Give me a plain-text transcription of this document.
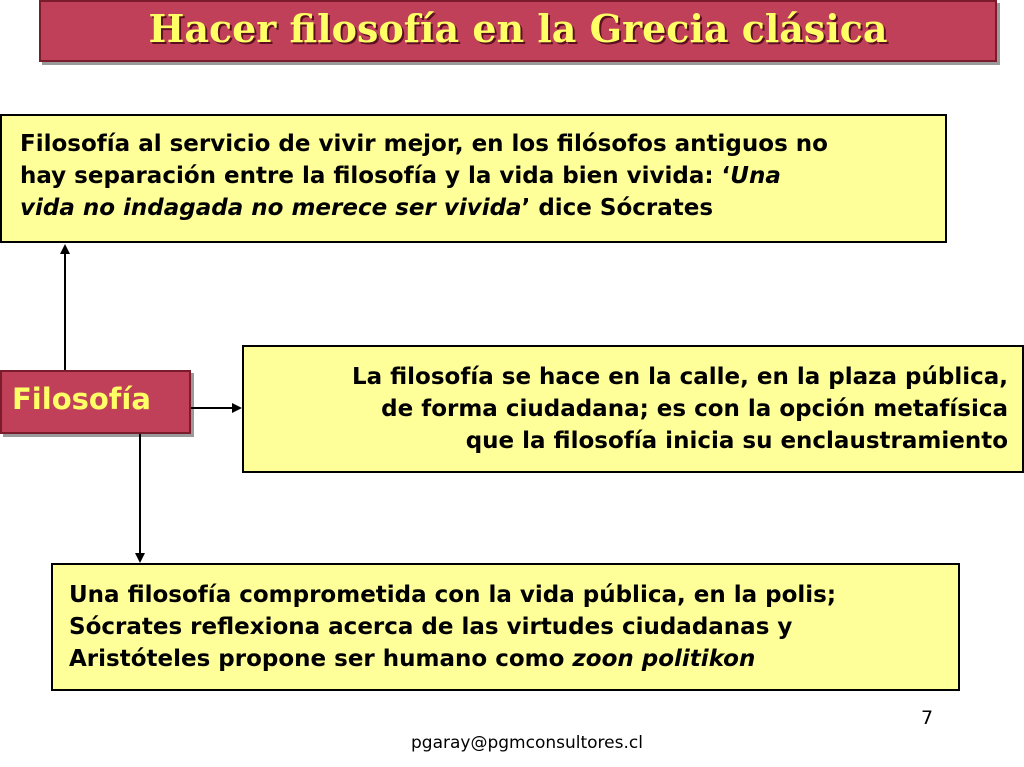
Hacer filosofía en la Grecia clásica
Filosofía al servicio de vivir mejor, en los filósofos antiguos no
hay separación entre la filosofía y la vida bien vivida: ‘Una
vida no indagada no merece ser vivida’ dice Sócrates
Filosofía
La filosofía se hace en la calle, en la plaza pública,
de forma ciudadana; es con la opción metafísica
que la filosofía inicia su enclaustramiento
Una filosofía comprometida con la vida pública, en la polis;
Sócrates reflexiona acerca de las virtudes ciudadanas y
Aristóteles propone ser humano como zoon politikon
7
pgaray@pgmconsultores.cl
